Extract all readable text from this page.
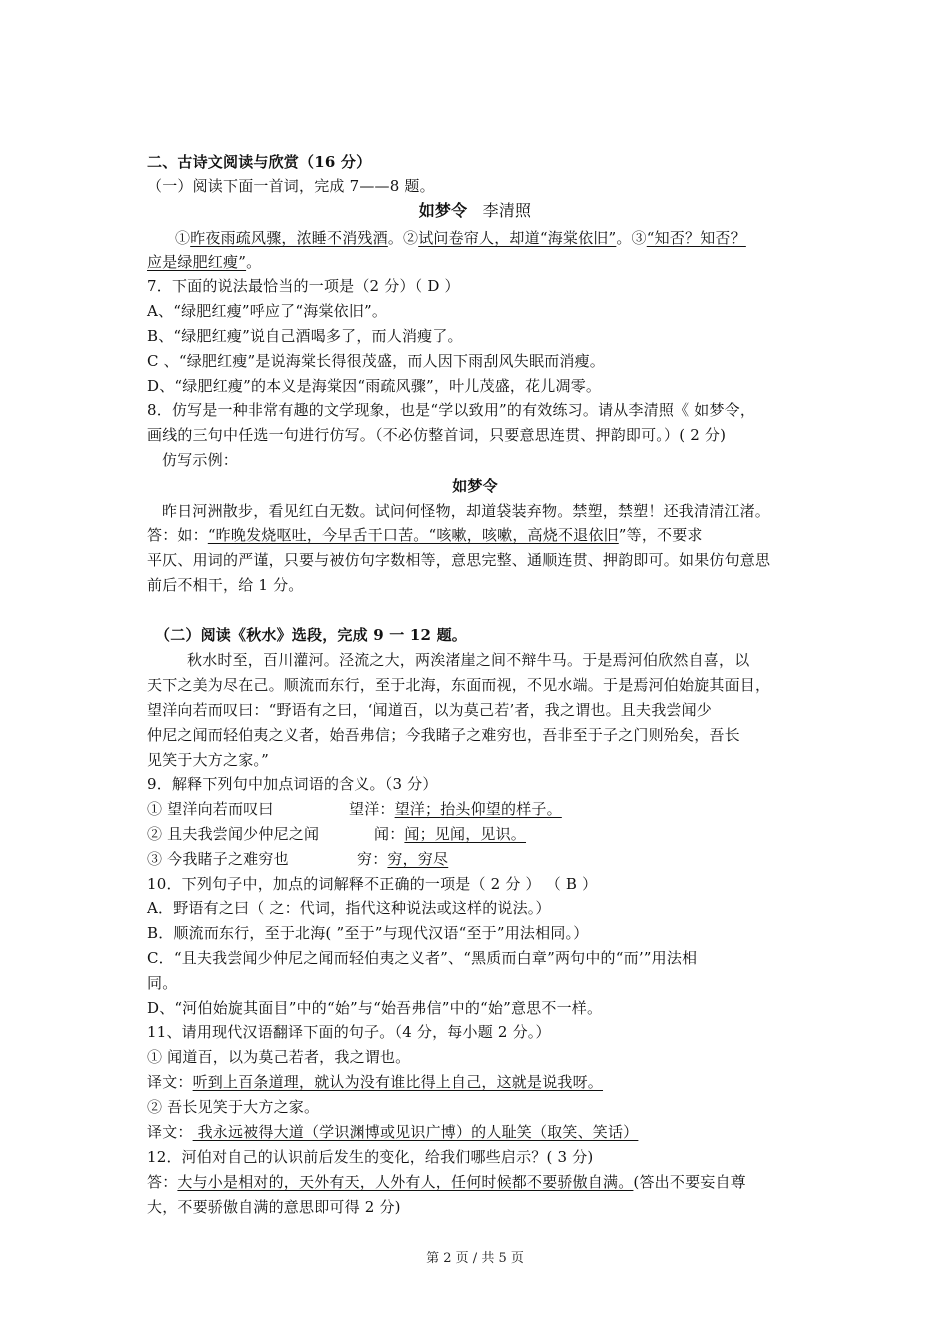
二、古诗文阅读与欣赏（16 分）
（一）阅读下面一首词，完成 7——8 题。
如梦令 李清照
①昨夜雨疏风骤，浓睡不消残酒。②试问卷帘人，却道“海棠依旧”。③“知否？知否？
应是绿肥红瘦”。
7．下面的说法最恰当的一项是（2 分）（ D ）
A、“绿肥红瘦”呼应了“海棠依旧”。
B、“绿肥红瘦”说自己酒喝多了，而人消瘦了。
C 、“绿肥红瘦”是说海棠长得很茂盛，而人因下雨刮风失眠而消瘦。
D、“绿肥红瘦”的本义是海棠因“雨疏风骤”，叶儿茂盛，花儿凋零。
8．仿写是一种非常有趣的文学现象，也是“学以致用”的有效练习。请从李清照《 如梦令，
画线的三句中任选一句进行仿写。（不必仿整首词，只要意思连贯、押韵即可。）( 2 分)
仿写示例：
如梦令
昨日河洲散步，看见红白无数。试问何怪物，却道袋装弃物。禁塑，禁塑！还我清清江渚。
答：如：“昨晚发烧呕吐，今早舌干口苦。“咳嗽，咳嗽，高烧不退依旧”等，不要求
平仄、用词的严谨，只要与被仿句字数相等，意思完整、通顺连贯、押韵即可。如果仿句意思
前后不相干，给 1 分。
（二）阅读《秋水》选段，完成 9 一 12 题。
秋水时至，百川灌河。泾流之大，两涘渚崖之间不辩牛马。于是焉河伯欣然自喜，以
天下之美为尽在己。顺流而东行，至于北海，东面而视，不见水端。于是焉河伯始旋其面目，
望洋向若而叹曰：“野语有之曰，‘闻道百，以为莫己若’者，我之谓也。且夫我尝闻少
仲尼之闻而轻伯夷之义者，始吾弗信；今我睹子之难穷也，吾非至于子之门则殆矣，吾长
见笑于大方之家。”
9．解释下列句中加点词语的含义。（3 分）
① 望洋向若而叹曰	望洋：望洋；抬头仰望的样子。
② 且夫我尝闻少仲尼之闻	闻：闻；见闻，见识。
③ 今我睹子之难穷也	穷：穷，穷尽
10．下列句子中，加点的词解释不正确的一项是（ 2 分 ） （ B ）
A．野语有之曰（ 之：代词，指代这种说法或这样的说法。）
B．顺流而东行，至于北海( ”至于”与现代汉语“至于”用法相同。）
C．“且夫我尝闻少仲尼之闻而轻伯夷之义者”、“黑质而白章”两句中的“而’”用法相
同。
D、“河伯始旋其面目”中的“始”与“始吾弗信”中的“始”意思不一样。
11、请用现代汉语翻译下面的句子。（4 分，每小题 2 分。）
① 闻道百，以为莫己若者，我之谓也。
译文：听到上百条道理，就认为没有谁比得上自己，这就是说我呀。
② 吾长见笑于大方之家。
译文： 我永远被得大道（学识渊博或见识广博）的人耻笑（取笑、笑话）
12．河伯对自己的认识前后发生的变化，给我们哪些启示？( 3 分)
答：大与小是相对的，天外有天，人外有人，任何时候都不要骄傲自满。(答出不要妄自尊
大，不要骄傲自满的意思即可得 2 分)
第 2 页 / 共 5 页
